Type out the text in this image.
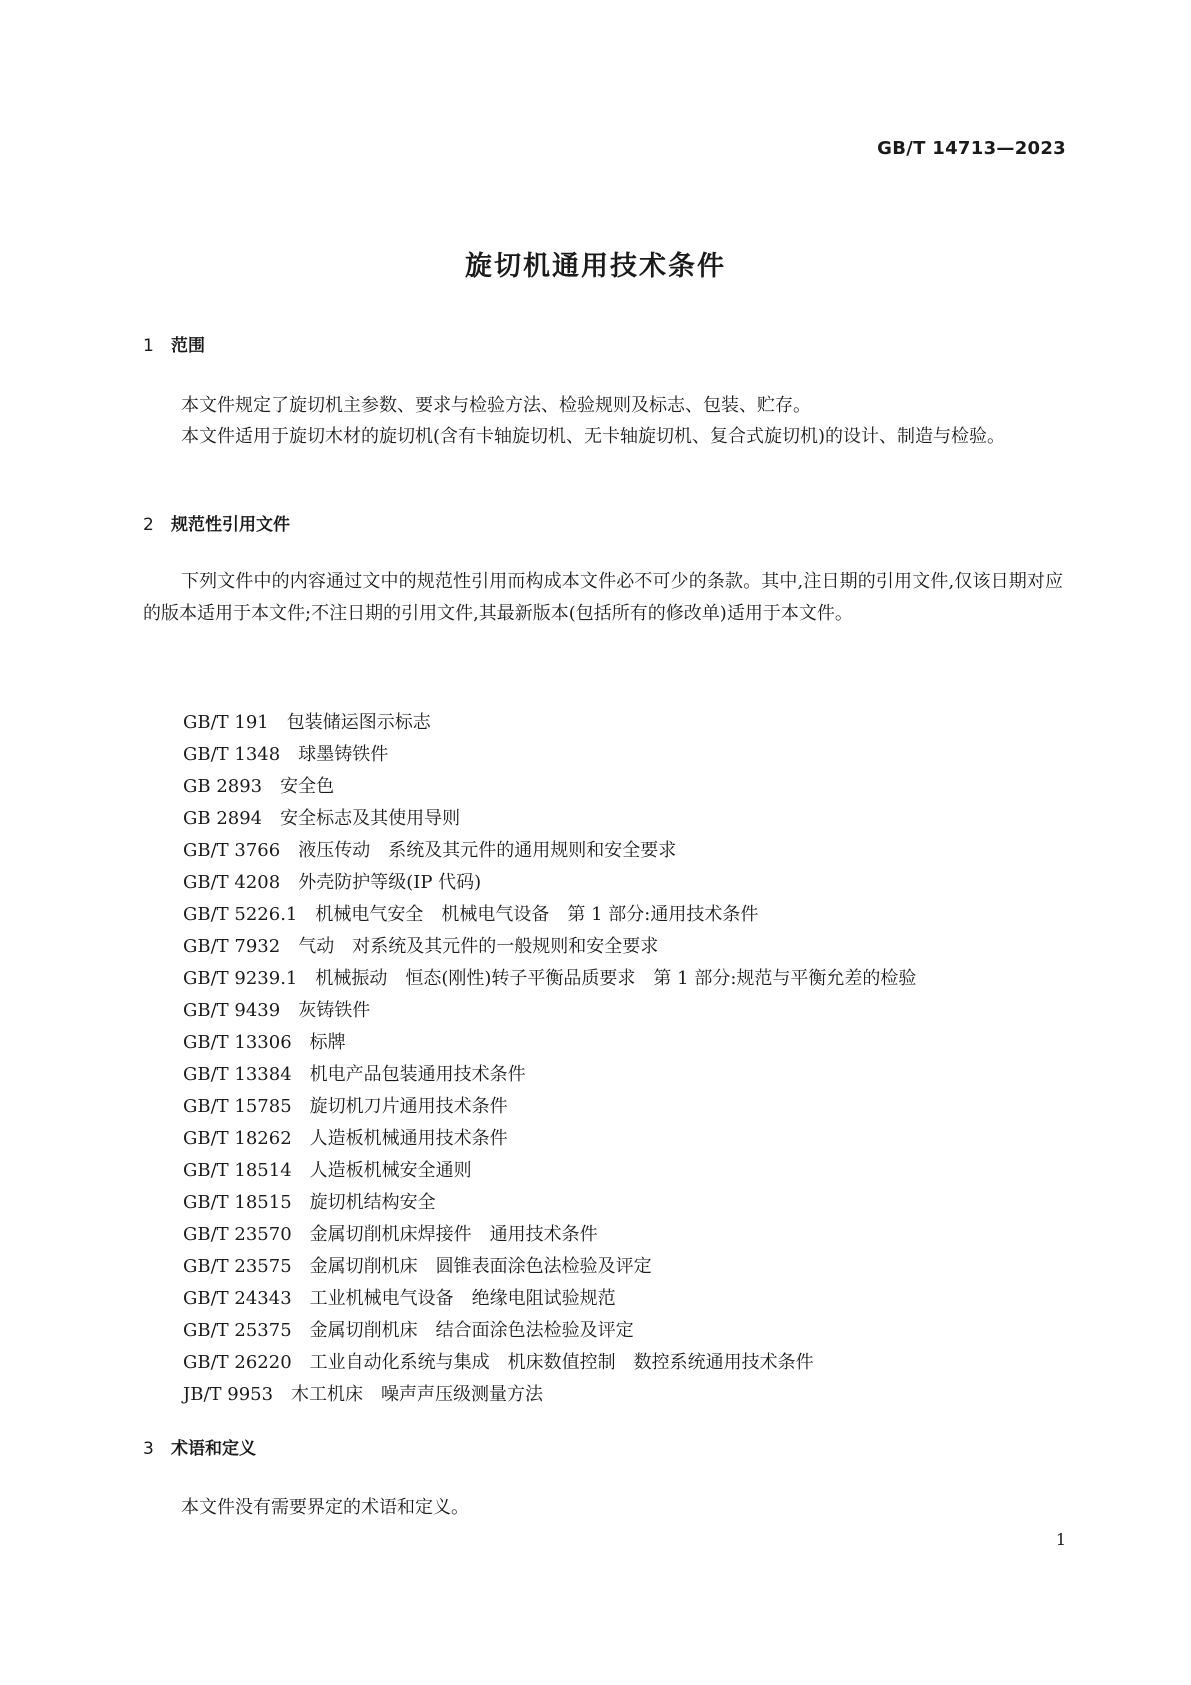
GB/T 14713—2023
旋切机通用技术条件
1 范围

本文件规定了旋切机主参数、要求与检验方法、检验规则及标志、包装、贮存。

本文件适用于旋切木材的旋切机(含有卡轴旋切机、无卡轴旋切机、复合式旋切机)的设计、制造与检验。

2 规范性引用文件

下列文件中的内容通过文中的规范性引用而构成本文件必不可少的条款。其中,注日期的引用文件,仅该日期对应的版本适用于本文件;不注日期的引用文件,其最新版本(包括所有的修改单)适用于本文件。

GB/T 191 包装储运图示标志
GB/T 1348 球墨铸铁件
GB 2893 安全色
GB 2894 安全标志及其使用导则
GB/T 3766 液压传动　系统及其元件的通用规则和安全要求
GB/T 4208 外壳防护等级(IP 代码)
GB/T 5226.1 机械电气安全　机械电气设备　第 1 部分:通用技术条件
GB/T 7932 气动　对系统及其元件的一般规则和安全要求
GB/T 9239.1 机械振动　恒态(刚性)转子平衡品质要求　第 1 部分:规范与平衡允差的检验
GB/T 9439 灰铸铁件
GB/T 13306 标牌
GB/T 13384 机电产品包装通用技术条件
GB/T 15785 旋切机刀片通用技术条件
GB/T 18262 人造板机械通用技术条件
GB/T 18514 人造板机械安全通则
GB/T 18515 旋切机结构安全
GB/T 23570 金属切削机床焊接件　通用技术条件
GB/T 23575 金属切削机床　圆锥表面涂色法检验及评定
GB/T 24343 工业机械电气设备　绝缘电阻试验规范
GB/T 25375 金属切削机床　结合面涂色法检验及评定
GB/T 26220 工业自动化系统与集成　机床数值控制　数控系统通用技术条件
JB/T 9953 木工机床　噪声声压级测量方法
3 术语和定义

本文件没有需要界定的术语和定义。

1
